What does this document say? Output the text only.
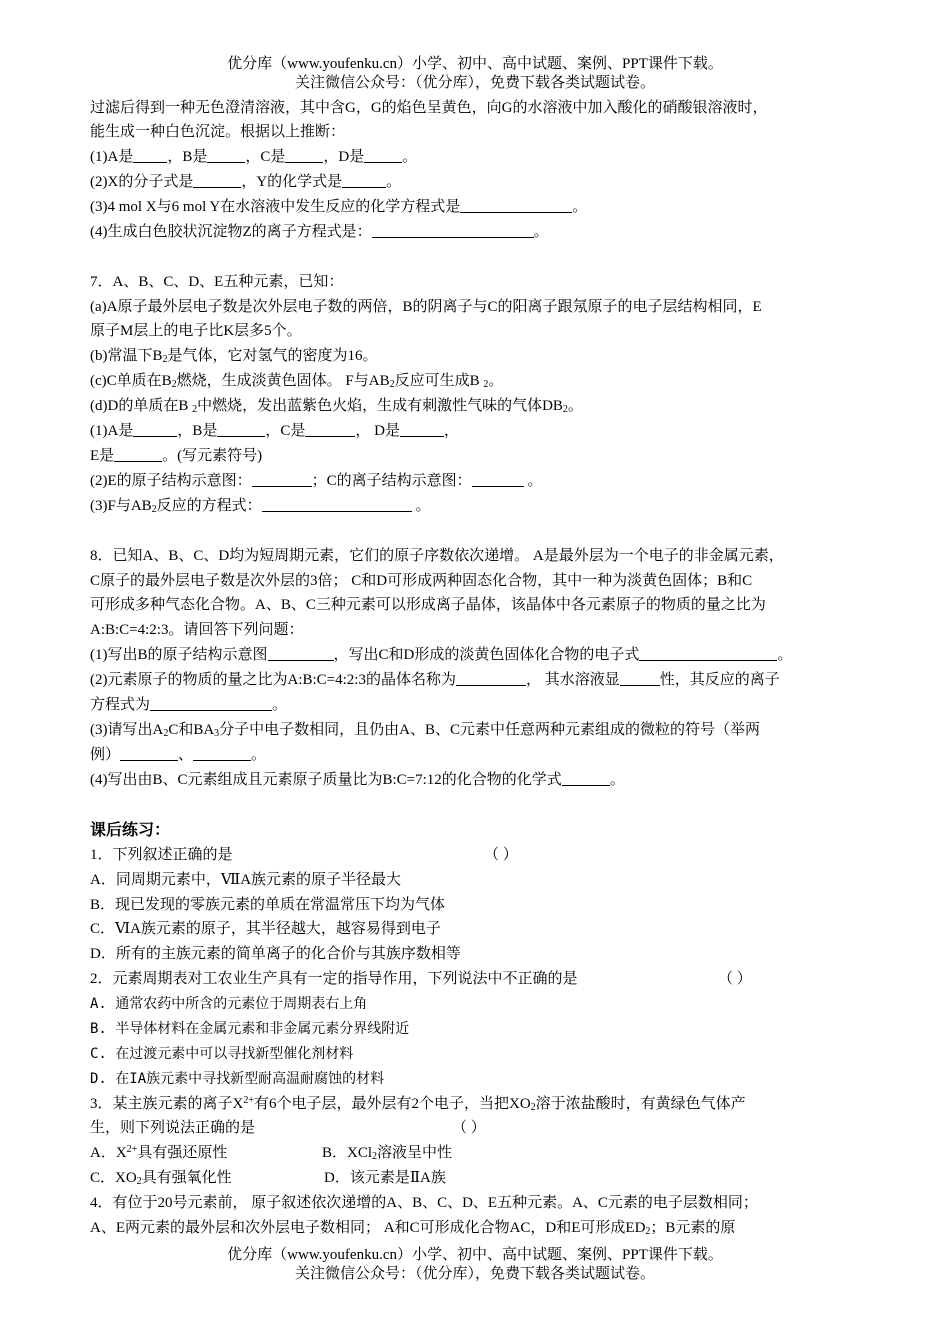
优分库（www.youfenku.cn）小学、初中、高中试题、案例、PPT课件下载。
关注微信公众号：（优分库），免费下载各类试题试卷。
过滤后得到一种无色澄清溶液，其中含G，G的焰色呈黄色，向G的水溶液中加入酸化的硝酸银溶液时，
能生成一种白色沉淀。根据以上推断：
(1)A是 ，B是	，C是	，D是	。
(2)X的分子式是	，Y的化学式是	。
(3)4 mol X与6 mol Y在水溶液中发生反应的化学方程式是	。
(4)生成白色胶状沉淀物Z的离子方程式是：	。
7．A、B、C、D、E五种元素，已知：
(a)A原子最外层电子数是次外层电子数的两倍，B的阴离子与C的阳离子跟氖原子的电子层结构相同，E
原子M层上的电子比K层多5个。
(b)常温下$B_2$是气体，它对氢气的密度为16。
(c)C单质在$B_2$燃烧，生成淡黄色固体。 F与$AB_2$反应可生成B $_2$。
(d)D的单质在B $_2$中燃烧，发出蓝紫色火焰，生成有刺激性气味的气体$DB_2$。
(1)A是	，B是	，C是	， D是	，
E是	。(写元素符号)
(2)E的原子结构示意图：	；C的离子结构示意图：	。
(3)F与$AB_2$反应的方程式：	。
8．已知A、B、C、D均为短周期元素，它们的原子序数依次递增。 A是最外层为一个电子的非金属元素，
C原子的最外层电子数是次外层的3倍； C和D可形成两种固态化合物，其中一种为淡黄色固体；B和C
可形成多种气态化合物。A、B、C三种元素可以形成离子晶体，该晶体中各元素原子的物质的量之比为
A:B:C=4:2:3。请回答下列问题：
(1)写出B的原子结构示意图	，写出C和D形成的淡黄色固体化合物的电子式	。
(2)元素原子的物质的量之比为A:B:C=4:2:3的晶体名称为	， 其水溶液显	性，其反应的离子
方程式为	。
(3)请写出$A_2C$和$BA_3$分子中电子数相同，且仍由A、B、C元素中任意两种元素组成的微粒的符号（举两
例）	、	。
(4)写出由B、C元素组成且元素原子质量比为B:C=7:12的化合物的化学式	。
课后练习：
1．下列叙述正确的是	（ ）
A．同周期元素中，ⅦA族元素的原子半径最大
B．现已发现的零族元素的单质在常温常压下均为气体
C．ⅥA族元素的原子，其半径越大，越容易得到电子
D．所有的主族元素的简单离子的化合价与其族序数相等
2．元素周期表对工农业生产具有一定的指导作用，下列说法中不正确的是	（ ）
A. 通常农药中所含的元素位于周期表右上角
B. 半导体材料在金属元素和非金属元素分界线附近
C. 在过渡元素中可以寻找新型催化剂材料
D. 在IA族元素中寻找新型耐高温耐腐蚀的材料
3．某主族元素的离子$X^{2+}$有6个电子层，最外层有2个电子，当把$XO_2$溶于浓盐酸时，有黄绿色气体产
生，则下列说法正确的是	（ ）
A．$X^{2+}$具有强还原性	B．XCl$_2$溶液呈中性
C．$XO_2$具有强氧化性	D．该元素是ⅡA族
4．有位于20号元素前， 原子叙述依次递增的A、B、C、D、E五种元素。A、C元素的电子层数相同；
A、E两元素的最外层和次外层电子数相同； A和C可形成化合物AC，D和E可形成$ED_2$；B元素的原
优分库（www.youfenku.cn）小学、初中、高中试题、案例、PPT课件下载。
关注微信公众号：（优分库），免费下载各类试题试卷。
